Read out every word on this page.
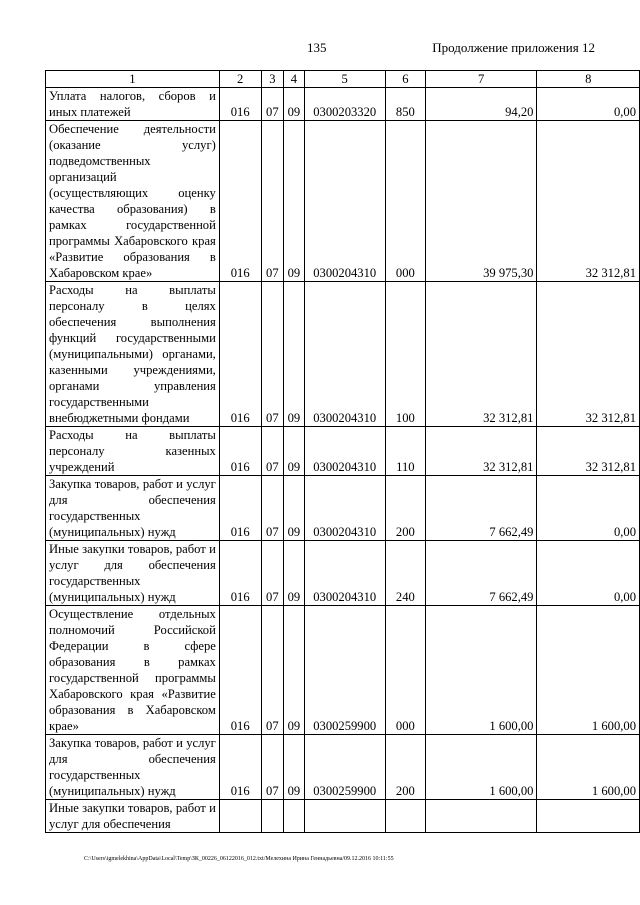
135	Продолжение приложения 12
1	2	3	4	5	6	7	8
Уплата налогов, сборов и иных платежей	016	07	09	0300203320	850	94,20	0,00
Обеспечение деятельности (оказание услуг) подведомственных организаций (осуществляющих оценку качества образования) в рамках государственной программы Хабаровского края «Развитие образования в Хабаровском крае»	016	07	09	0300204310	000	39 975,30	32 312,81
Расходы на выплаты персоналу в целях обеспечения выполнения функций государственными (муниципальными) органами, казенными учреждениями, органами управления государственными внебюджетными фондами	016	07	09	0300204310	100	32 312,81	32 312,81
Расходы на выплаты персоналу казенных учреждений	016	07	09	0300204310	110	32 312,81	32 312,81
Закупка товаров, работ и услуг для обеспечения государственных (муниципальных) нужд	016	07	09	0300204310	200	7 662,49	0,00
Иные закупки товаров, работ и услуг для обеспечения государственных (муниципальных) нужд	016	07	09	0300204310	240	7 662,49	0,00
Осуществление отдельных полномочий Российской Федерации в сфере образования в рамках государственной программы Хабаровского края «Развитие образования в Хабаровском крае»	016	07	09	0300259900	000	1 600,00	1 600,00
Закупка товаров, работ и услуг для обеспечения государственных (муниципальных) нужд	016	07	09	0300259900	200	1 600,00	1 600,00
Иные закупки товаров, работ и услуг для обеспечения							
C:\Users\igmelekhina\AppData\Local\Temp\ЗК_00226_06122016_012.txt/Мелехина Ирина Геннадьевна/09.12.2016 10:11:55
